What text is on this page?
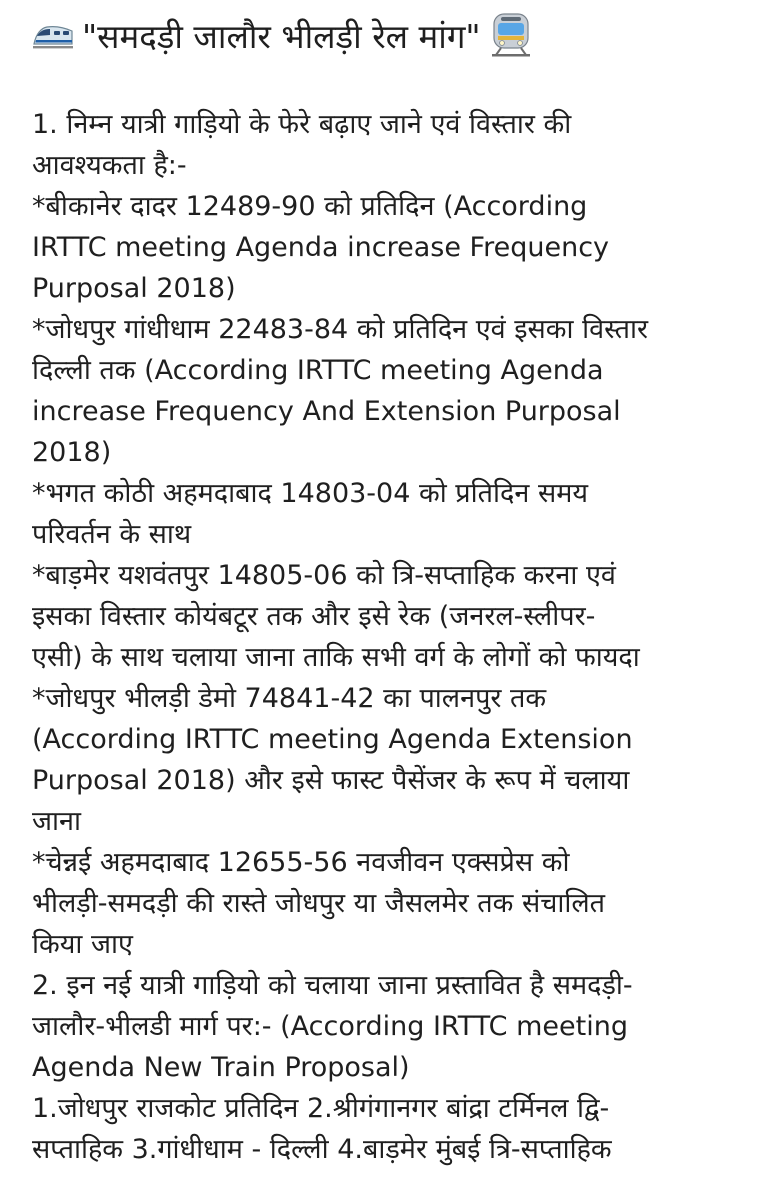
"समदड़ी जालौर भीलड़ी रेल मांग"
1. निम्न यात्री गाड़ियो के फेरे बढ़ाए जाने एवं विस्तार की
आवश्यकता है:-
*बीकानेर दादर 12489-90 को प्रतिदिन (According
IRTTC meeting Agenda increase Frequency
Purposal 2018)
*जोधपुर गांधीधाम 22483-84 को प्रतिदिन एवं इसका विस्तार
दिल्ली तक (According IRTTC meeting Agenda
increase Frequency And Extension Purposal
2018)
*भगत कोठी अहमदाबाद 14803-04 को प्रतिदिन समय
परिवर्तन के साथ
*बाड़मेर यशवंतपुर 14805-06 को त्रि-सप्ताहिक करना एवं
इसका विस्तार कोयंबटूर तक और इसे रेक (जनरल-स्लीपर-
एसी) के साथ चलाया जाना ताकि सभी वर्ग के लोगों को फायदा
*जोधपुर भीलड़ी डेमो 74841-42 का पालनपुर तक
(According IRTTC meeting Agenda Extension
Purposal 2018) और इसे फास्ट पैसेंजर के रूप में चलाया
जाना
*चेन्नई अहमदाबाद 12655-56 नवजीवन एक्सप्रेस को
भीलड़ी-समदड़ी की रास्ते जोधपुर या जैसलमेर तक संचालित
किया जाए
2. इन नई यात्री गाड़ियो को चलाया जाना प्रस्तावित है समदड़ी-
जालौर-भीलडी मार्ग पर:- (According IRTTC meeting
Agenda New Train Proposal)
1.जोधपुर राजकोट प्रतिदिन 2.श्रीगंगानगर बांद्रा टर्मिनल द्वि-
सप्ताहिक 3.गांधीधाम - दिल्ली 4.बाड़मेर मुंबई त्रि-सप्ताहिक
